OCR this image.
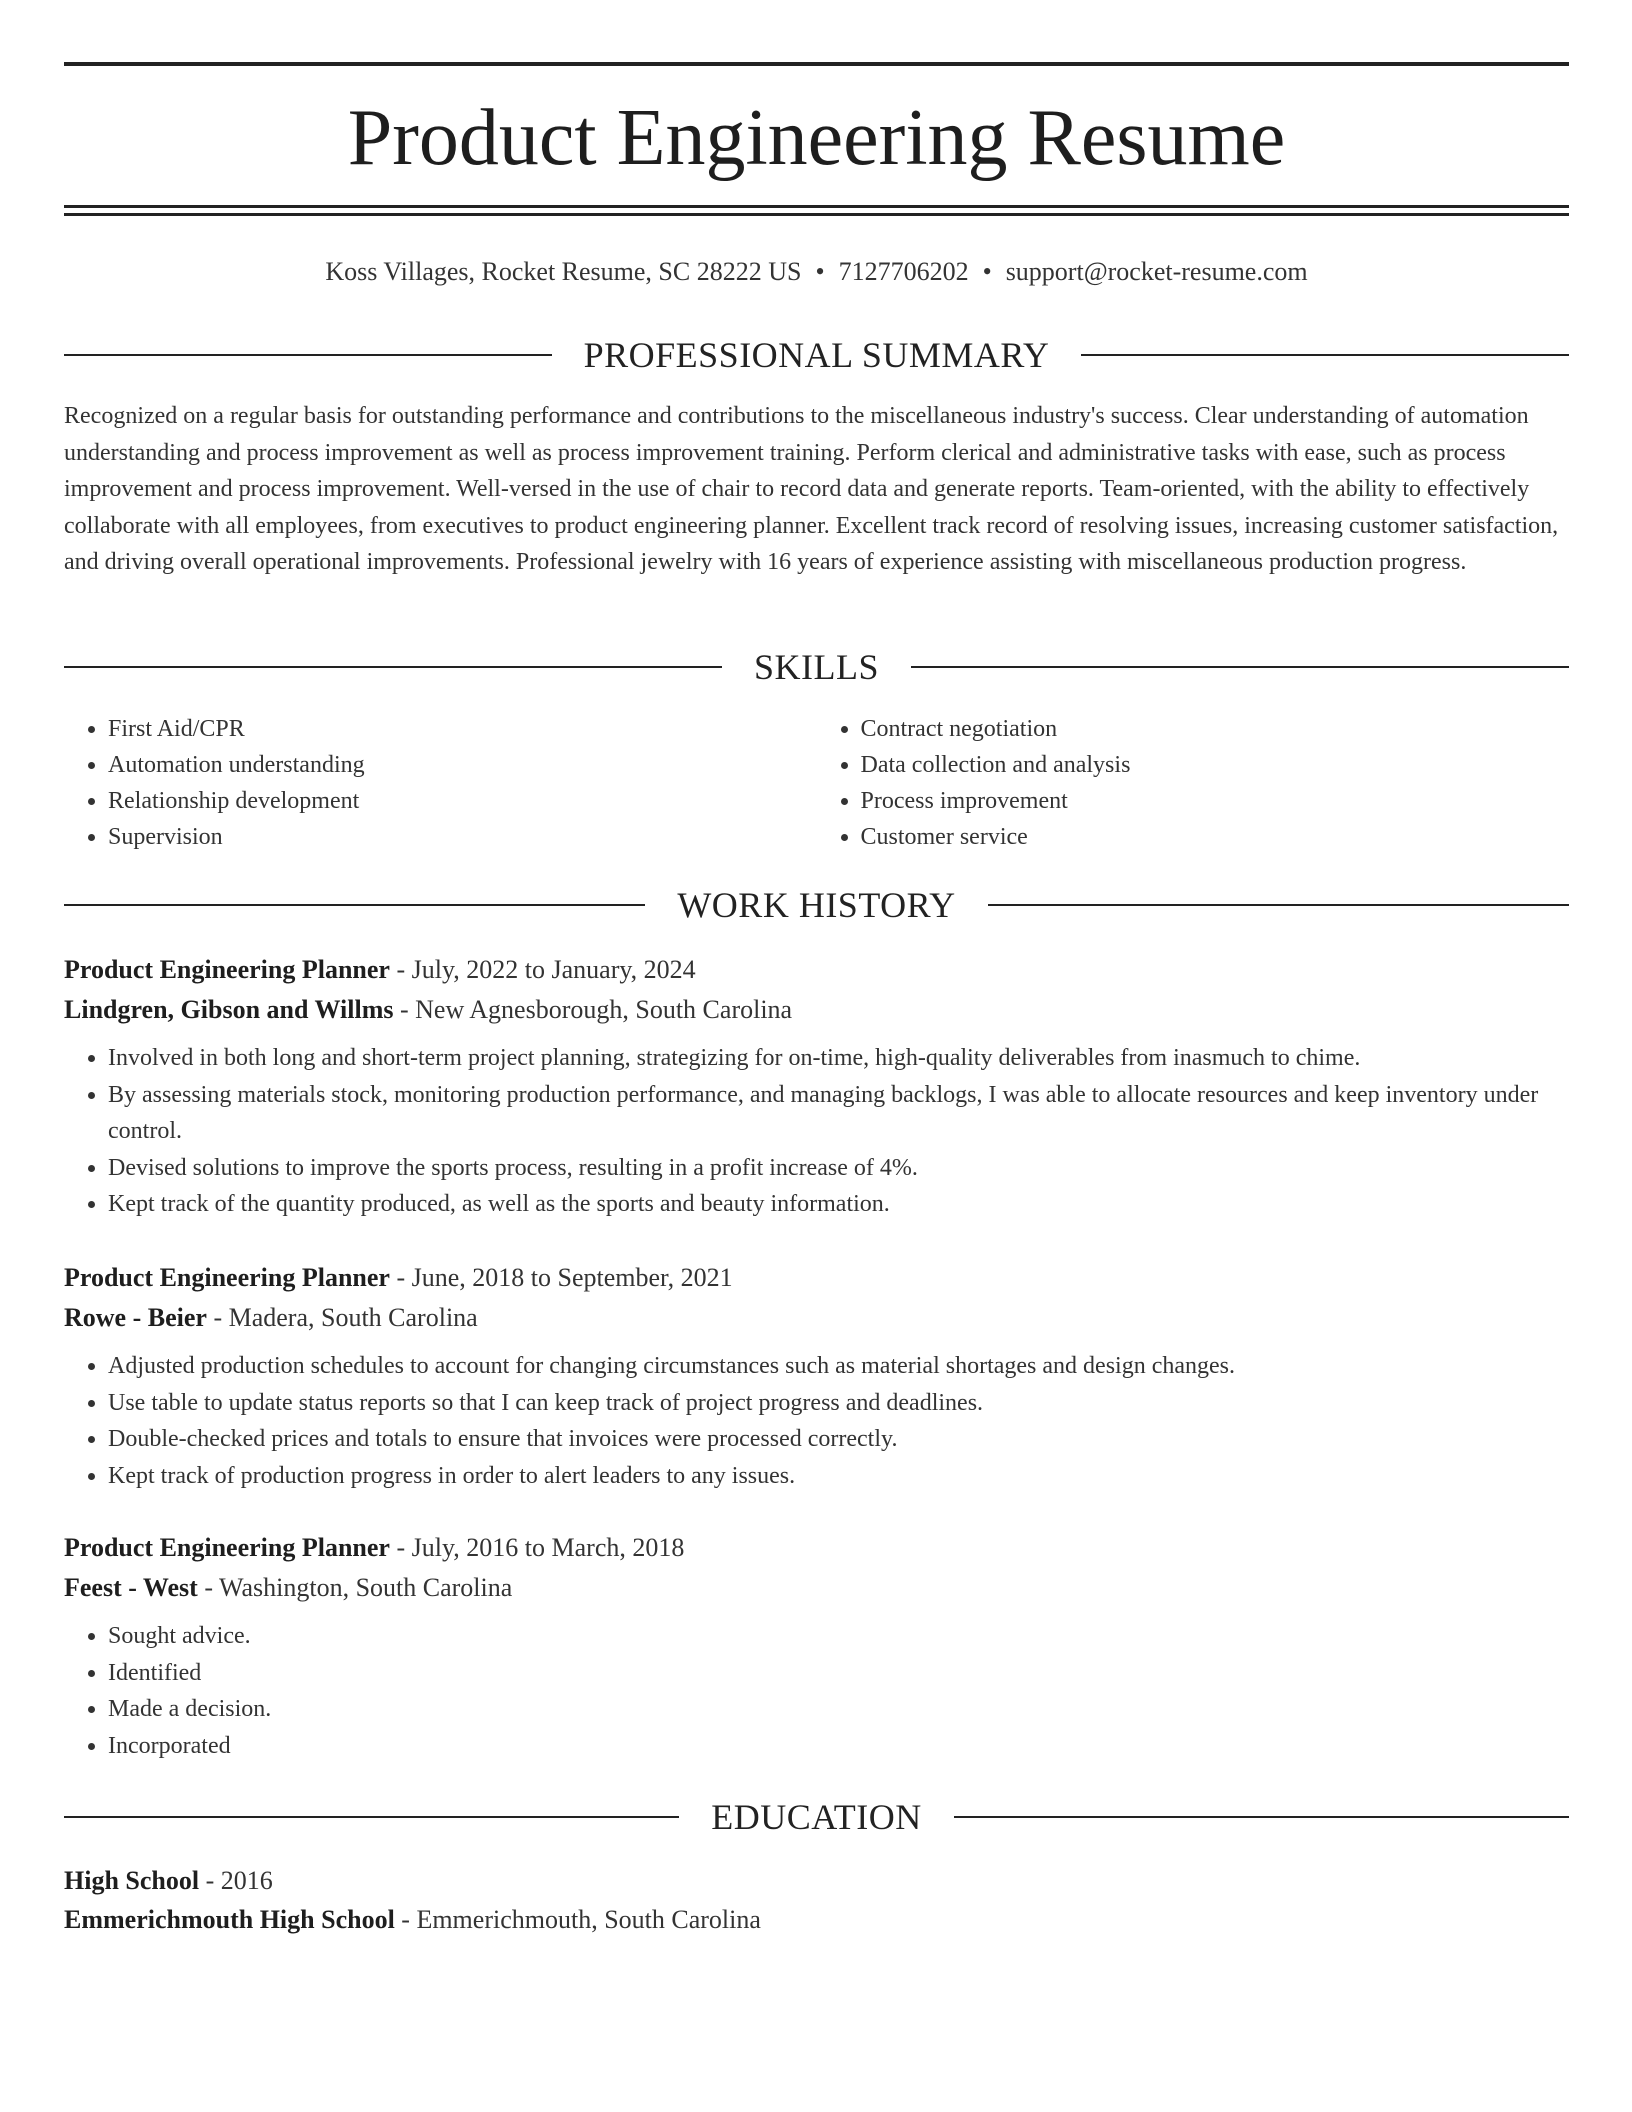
Product Engineering Resume
Koss Villages, Rocket Resume, SC 28222 US • 7127706202 • support@rocket-resume.com
PROFESSIONAL SUMMARY

Recognized on a regular basis for outstanding performance and contributions to the miscellaneous industry's success. Clear understanding of automation understanding and process improvement as well as process improvement training. Perform clerical and administrative tasks with ease, such as process improvement and process improvement. Well-versed in the use of chair to record data and generate reports. Team-oriented, with the ability to effectively collaborate with all employees, from executives to product engineering planner. Excellent track record of resolving issues, increasing customer satisfaction, and driving overall operational improvements. Professional jewelry with 16 years of experience assisting with miscellaneous production progress.

SKILLS
• First Aid/CPR
• Automation understanding
• Relationship development
• Supervision
• Contract negotiation
• Data collection and analysis
• Process improvement
• Customer service
WORK HISTORY
Product Engineering Planner - July, 2022 to January, 2024
Lindgren, Gibson and Willms - New Agnesborough, South Carolina
• Involved in both long and short-term project planning, strategizing for on-time, high-quality deliverables from inasmuch to chime.
• By assessing materials stock, monitoring production performance, and managing backlogs, I was able to allocate resources and keep inventory under control.
• Devised solutions to improve the sports process, resulting in a profit increase of 4%.
• Kept track of the quantity produced, as well as the sports and beauty information.
Product Engineering Planner - June, 2018 to September, 2021
Rowe - Beier - Madera, South Carolina
• Adjusted production schedules to account for changing circumstances such as material shortages and design changes.
• Use table to update status reports so that I can keep track of project progress and deadlines.
• Double-checked prices and totals to ensure that invoices were processed correctly.
• Kept track of production progress in order to alert leaders to any issues.
Product Engineering Planner - July, 2016 to March, 2018
Feest - West - Washington, South Carolina
• Sought advice.
• Identified
• Made a decision.
• Incorporated
EDUCATION
High School - 2016
Emmerichmouth High School - Emmerichmouth, South Carolina
